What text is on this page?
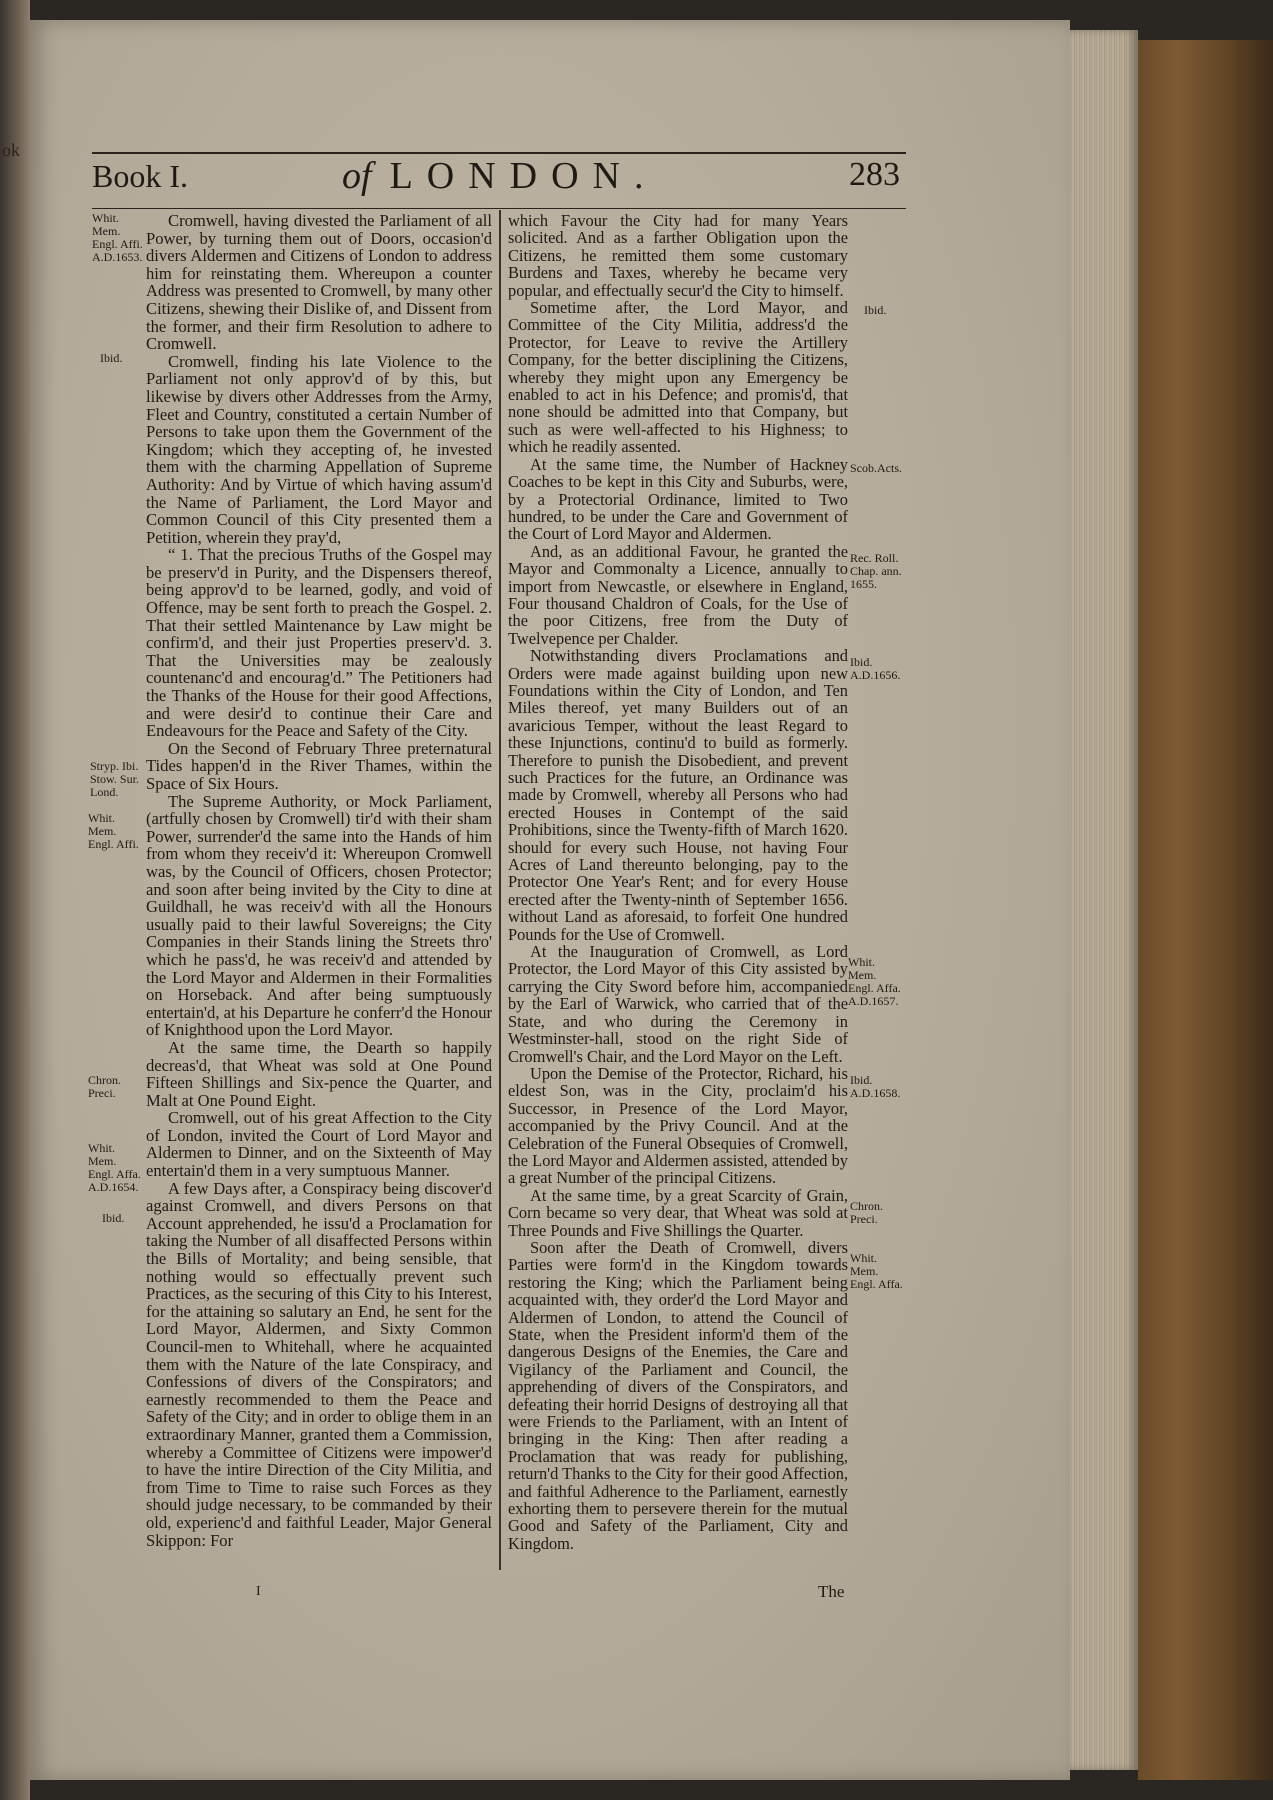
ok
Book I.	of LONDON.	283
Whit.
Mem.
Engl. Affi.
A.D.1653.
Ibid.
Stryp. Ibi.
Stow. Sur.
Lond.
Whit.
Mem.
Engl. Affi.
Chron.
Preci.
Whit.
Mem.
Engl. Affa.
A.D.1654.
Ibid.
Ibid.
Scob.Acts.
Rec. Roll.
Chap. ann.
1655.
Ibid.
A.D.1656.
Whit.
Mem.
Engl. Affa.
A.D.1657.
Ibid.
A.D.1658.
Chron.
Preci.
Whit.
Mem.
Engl. Affa.

Cromwell, having divested the Parliament of all Power, by turning them out of Doors, occasion'd divers Aldermen and Citizens of London to address him for reinstating them. Whereupon a counter Address was presented to Cromwell, by many other Citizens, shewing their Dislike of, and Dissent from the former, and their firm Resolution to adhere to Cromwell.

Cromwell, finding his late Violence to the Parliament not only approv'd of by this, but likewise by divers other Addresses from the Army, Fleet and Country, constituted a certain Number of Persons to take upon them the Government of the Kingdom; which they accepting of, he invested them with the charming Appellation of Supreme Authority: And by Virtue of which having assum'd the Name of Parliament, the Lord Mayor and Common Council of this City presented them a Petition, wherein they pray'd,

“ 1. That the precious Truths of the Gospel may be preserv'd in Purity, and the Dispensers thereof, being approv'd to be learned, godly, and void of Offence, may be sent forth to preach the Gospel. 2. That their settled Maintenance by Law might be confirm'd, and their just Properties preserv'd. 3. That the Universities may be zealously countenanc'd and encourag'd.” The Petitioners had the Thanks of the House for their good Affections, and were desir'd to continue their Care and Endeavours for the Peace and Safety of the City.

On the Second of February Three preternatural Tides happen'd in the River Thames, within the Space of Six Hours.

The Supreme Authority, or Mock Parliament, (artfully chosen by Cromwell) tir'd with their sham Power, surrender'd the same into the Hands of him from whom they receiv'd it: Whereupon Cromwell was, by the Council of Officers, chosen Protector; and soon after being invited by the City to dine at Guildhall, he was receiv'd with all the Honours usually paid to their lawful Sovereigns; the City Companies in their Stands lining the Streets thro' which he pass'd, he was receiv'd and attended by the Lord Mayor and Aldermen in their Formalities on Horseback. And after being sumptuously entertain'd, at his Departure he conferr'd the Honour of Knighthood upon the Lord Mayor.

At the same time, the Dearth so happily decreas'd, that Wheat was sold at One Pound Fifteen Shillings and Six-pence the Quarter, and Malt at One Pound Eight.

Cromwell, out of his great Affection to the City of London, invited the Court of Lord Mayor and Aldermen to Dinner, and on the Sixteenth of May entertain'd them in a very sumptuous Manner.

A few Days after, a Conspiracy being discover'd against Cromwell, and divers Persons on that Account apprehended, he issu'd a Proclamation for taking the Number of all disaffected Persons within the Bills of Mortality; and being sensible, that nothing would so effectually prevent such Practices, as the securing of this City to his Interest, for the attaining so salutary an End, he sent for the Lord Mayor, Aldermen, and Sixty Common Council-men to Whitehall, where he acquainted them with the Nature of the late Conspiracy, and Confessions of divers of the Conspirators; and earnestly recommended to them the Peace and Safety of the City; and in order to oblige them in an extraordinary Manner, granted them a Commission, whereby a Committee of Citizens were impower'd to have the intire Direction of the City Militia, and from Time to Time to raise such Forces as they should judge necessary, to be commanded by their old, experienc'd and faithful Leader, Major General Skippon: For

which Favour the City had for many Years solicited. And as a farther Obligation upon the Citizens, he remitted them some customary Burdens and Taxes, whereby he became very popular, and effectually secur'd the City to himself.

Sometime after, the Lord Mayor, and Committee of the City Militia, address'd the Protector, for Leave to revive the Artillery Company, for the better disciplining the Citizens, whereby they might upon any Emergency be enabled to act in his Defence; and promis'd, that none should be admitted into that Company, but such as were well-affected to his Highness; to which he readily assented.

At the same time, the Number of Hackney Coaches to be kept in this City and Suburbs, were, by a Protectorial Ordinance, limited to Two hundred, to be under the Care and Government of the Court of Lord Mayor and Aldermen.

And, as an additional Favour, he granted the Mayor and Commonalty a Licence, annually to import from Newcastle, or elsewhere in England, Four thousand Chaldron of Coals, for the Use of the poor Citizens, free from the Duty of Twelvepence per Chalder.

Notwithstanding divers Proclamations and Orders were made against building upon new Foundations within the City of London, and Ten Miles thereof, yet many Builders out of an avaricious Temper, without the least Regard to these Injunctions, continu'd to build as formerly. Therefore to punish the Disobedient, and prevent such Practices for the future, an Ordinance was made by Cromwell, whereby all Persons who had erected Houses in Contempt of the said Prohibitions, since the Twenty-fifth of March 1620. should for every such House, not having Four Acres of Land thereunto belonging, pay to the Protector One Year's Rent; and for every House erected after the Twenty-ninth of September 1656. without Land as aforesaid, to forfeit One hundred Pounds for the Use of Cromwell.

At the Inauguration of Cromwell, as Lord Protector, the Lord Mayor of this City assisted by carrying the City Sword before him, accompanied by the Earl of Warwick, who carried that of the State, and who during the Ceremony in Westminster-hall, stood on the right Side of Cromwell's Chair, and the Lord Mayor on the Left.

Upon the Demise of the Protector, Richard, his eldest Son, was in the City, proclaim'd his Successor, in Presence of the Lord Mayor, accompanied by the Privy Council. And at the Celebration of the Funeral Obsequies of Cromwell, the Lord Mayor and Aldermen assisted, attended by a great Number of the principal Citizens.

At the same time, by a great Scarcity of Grain, Corn became so very dear, that Wheat was sold at Three Pounds and Five Shillings the Quarter.

Soon after the Death of Cromwell, divers Parties were form'd in the Kingdom towards restoring the King; which the Parliament being acquainted with, they order'd the Lord Mayor and Aldermen of London, to attend the Council of State, when the President inform'd them of the dangerous Designs of the Enemies, the Care and Vigilancy of the Parliament and Council, the apprehending of divers of the Conspirators, and defeating their horrid Designs of destroying all that were Friends to the Parliament, with an Intent of bringing in the King: Then after reading a Proclamation that was ready for publishing, return'd Thanks to the City for their good Affection, and faithful Adherence to the Parliament, earnestly exhorting them to persevere therein for the mutual Good and Safety of the Parliament, City and Kingdom.

I	The
